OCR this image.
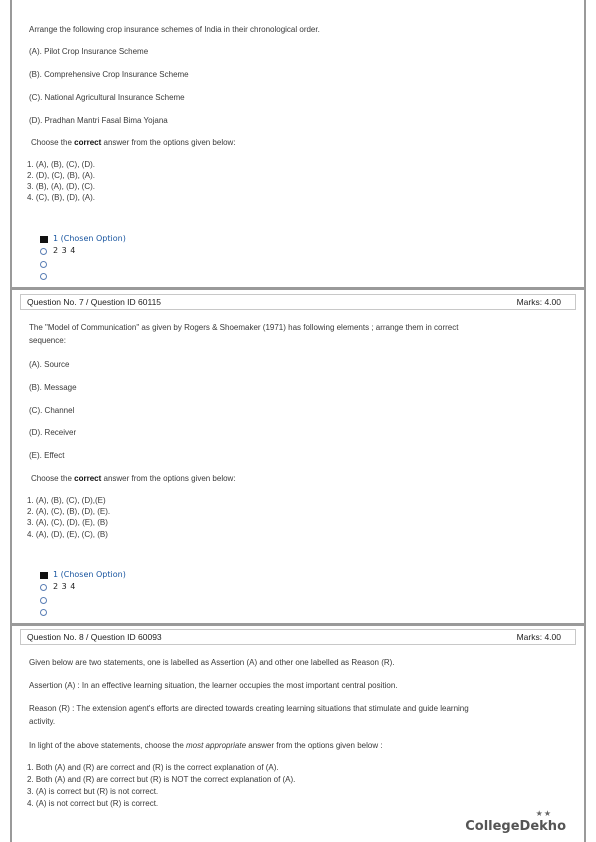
Arrange the following crop insurance schemes of India in their chronological order.
(A). Pilot Crop Insurance Scheme
(B). Comprehensive Crop Insurance Scheme
(C). National Agricultural Insurance Scheme
(D). Pradhan Mantri Fasal Bima Yojana
Choose the correct answer from the options given below:
1. (A), (B), (C), (D).
2. (D), (C), (B), (A).
3. (B), (A), (D), (C).
4. (C), (B), (D), (A).
1 (Chosen Option)
2 3 4
Question No. 7 / Question ID 60115	Marks: 4.00
The "Model of Communication" as given by Rogers & Shoemaker (1971) has following elements ; arrange them in correct
sequence:
(A). Source
(B). Message
(C). Channel
(D). Receiver
(E). Effect
Choose the correct answer from the options given below:
1. (A), (B), (C), (D),(E)
2. (A), (C), (B), (D), (E).
3. (A), (C), (D), (E), (B)
4. (A), (D), (E), (C), (B)
1 (Chosen Option)
2 3 4
Question No. 8 / Question ID 60093	Marks: 4.00
Given below are two statements, one is labelled as Assertion (A) and other one labelled as Reason (R).
Assertion (A) : In an effective learning situation, the learner occupies the most important central position.
Reason (R) : The extension agent's efforts are directed towards creating learning situations that stimulate and guide learning
activity.
In light of the above statements, choose the most appropriate answer from the options given below :
1. Both (A) and (R) are correct and (R) is the correct explanation of (A).
2. Both (A) and (R) are correct but (R) is NOT the correct explanation of (A).
3. (A) is correct but (R) is not correct.
4. (A) is not correct but (R) is correct.
★★
CollegeDekho
